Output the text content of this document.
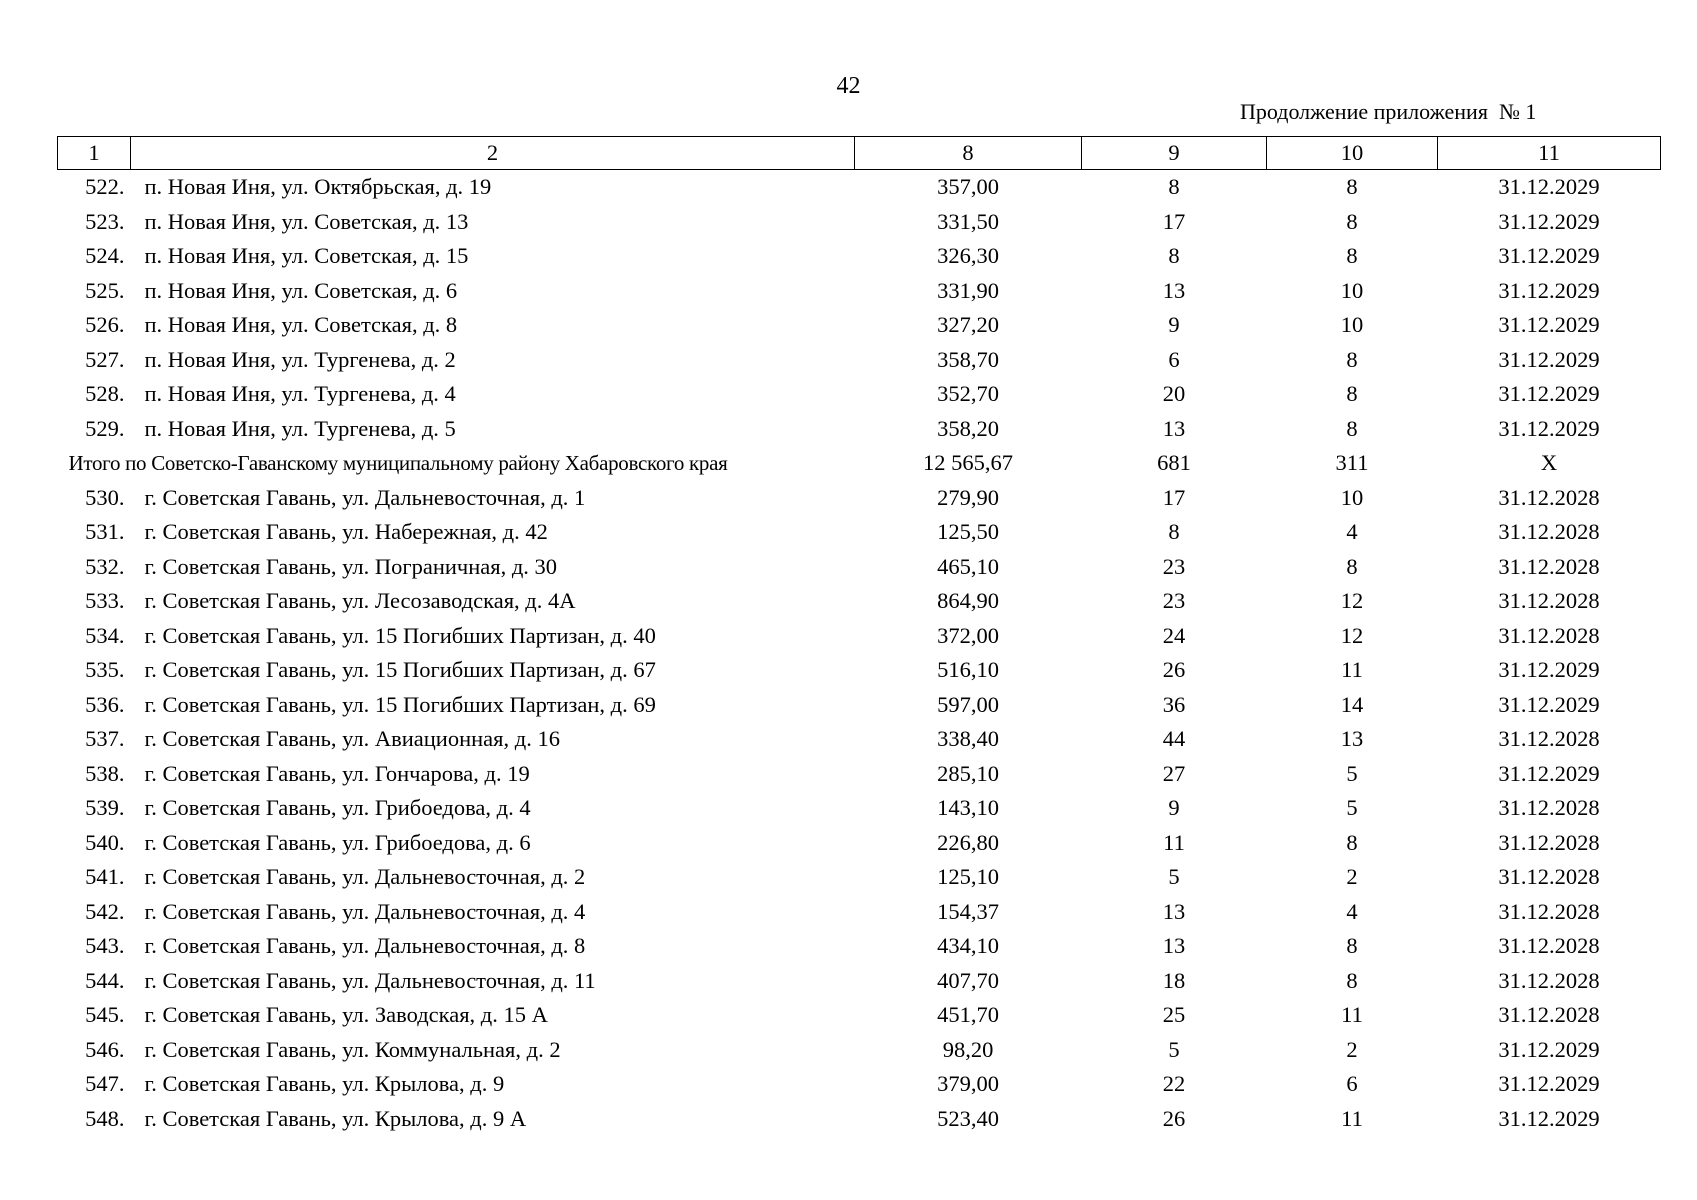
42
Продолжение приложения  № 1
1	2	8	9	10	11
522.	п. Новая Иня, ул. Октябрьская, д. 19	357,00	8	8	31.12.2029
523.	п. Новая Иня, ул. Советская, д. 13	331,50	17	8	31.12.2029
524.	п. Новая Иня, ул. Советская, д. 15	326,30	8	8	31.12.2029
525.	п. Новая Иня, ул. Советская, д. 6	331,90	13	10	31.12.2029
526.	п. Новая Иня, ул. Советская, д. 8	327,20	9	10	31.12.2029
527.	п. Новая Иня, ул. Тургенева, д. 2	358,70	6	8	31.12.2029
528.	п. Новая Иня, ул. Тургенева, д. 4	352,70	20	8	31.12.2029
529.	п. Новая Иня, ул. Тургенева, д. 5	358,20	13	8	31.12.2029
Итого по Советско-Гаванскому муниципальному району Хабаровского края		12 565,67	681	311	X
530.	г. Советская Гавань, ул. Дальневосточная, д. 1	279,90	17	10	31.12.2028
531.	г. Советская Гавань, ул. Набережная, д. 42	125,50	8	4	31.12.2028
532.	г. Советская Гавань, ул. Пограничная, д. 30	465,10	23	8	31.12.2028
533.	г. Советская Гавань, ул. Лесозаводская, д. 4А	864,90	23	12	31.12.2028
534.	г. Советская Гавань, ул. 15 Погибших Партизан, д. 40	372,00	24	12	31.12.2028
535.	г. Советская Гавань, ул. 15 Погибших Партизан, д. 67	516,10	26	11	31.12.2029
536.	г. Советская Гавань, ул. 15 Погибших Партизан, д. 69	597,00	36	14	31.12.2029
537.	г. Советская Гавань, ул. Авиационная, д. 16	338,40	44	13	31.12.2028
538.	г. Советская Гавань, ул. Гончарова, д. 19	285,10	27	5	31.12.2029
539.	г. Советская Гавань, ул. Грибоедова, д. 4	143,10	9	5	31.12.2028
540.	г. Советская Гавань, ул. Грибоедова, д. 6	226,80	11	8	31.12.2028
541.	г. Советская Гавань, ул. Дальневосточная, д. 2	125,10	5	2	31.12.2028
542.	г. Советская Гавань, ул. Дальневосточная, д. 4	154,37	13	4	31.12.2028
543.	г. Советская Гавань, ул. Дальневосточная, д. 8	434,10	13	8	31.12.2028
544.	г. Советская Гавань, ул. Дальневосточная, д. 11	407,70	18	8	31.12.2028
545.	г. Советская Гавань, ул. Заводская, д. 15 А	451,70	25	11	31.12.2028
546.	г. Советская Гавань, ул. Коммунальная, д. 2	98,20	5	2	31.12.2029
547.	г. Советская Гавань, ул. Крылова, д. 9	379,00	22	6	31.12.2029
548.	г. Советская Гавань, ул. Крылова, д. 9 А	523,40	26	11	31.12.2029
